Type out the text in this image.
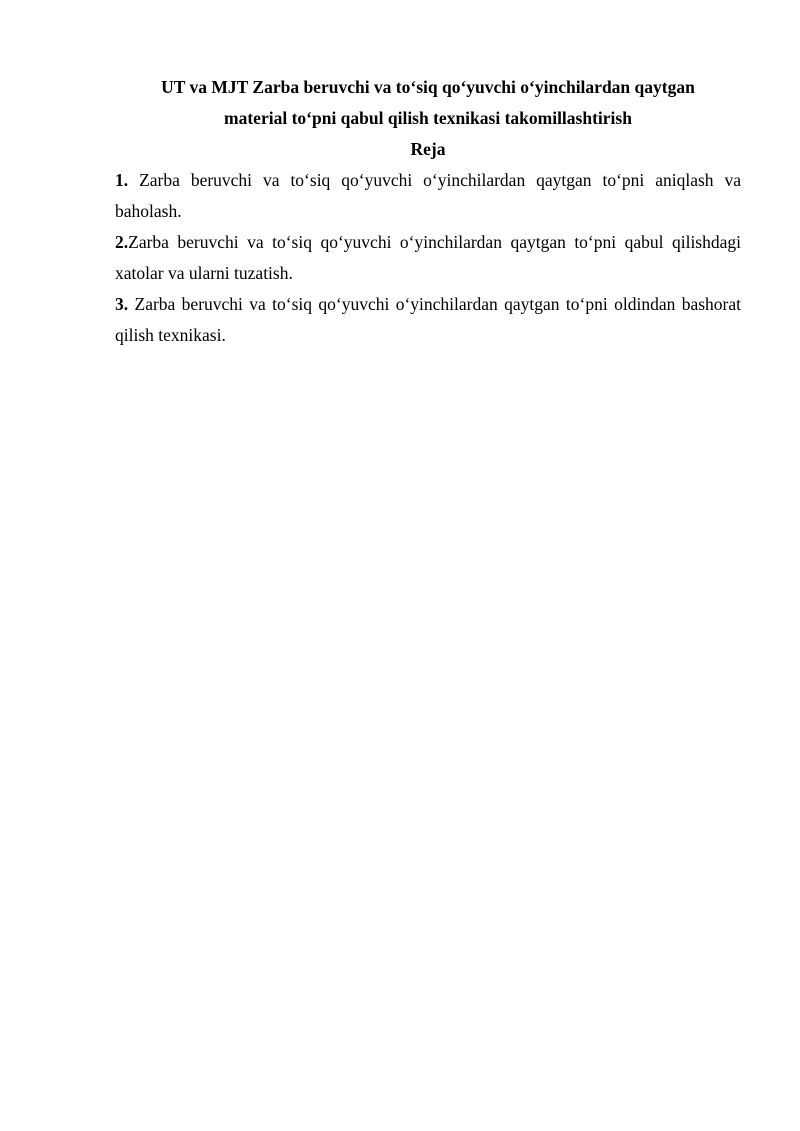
UT va MJT Zarba beruvchi va to‘siq qo‘yuvchi o‘yinchilardan qaytgan

material to‘pni qabul qilish texnikasi takomillashtirish

Reja

1. Zarba beruvchi va to‘siq qo‘yuvchi o‘yinchilardan qaytgan to‘pni aniqlash va baholash.
2.Zarba beruvchi va to‘siq qo‘yuvchi o‘yinchilardan qaytgan to‘pni qabul qilishdagi xatolar va ularni tuzatish.
3. Zarba beruvchi va to‘siq qo‘yuvchi o‘yinchilardan qaytgan to‘pni oldindan bashorat qilish texnikasi.
